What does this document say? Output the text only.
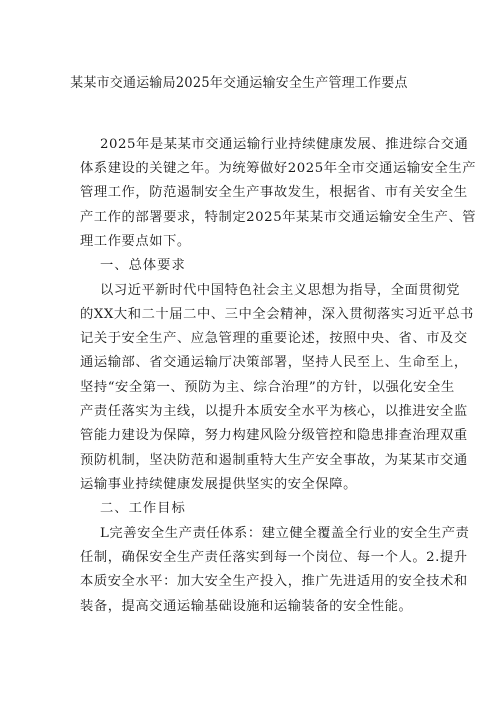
某某市交通运输局2025年交通运输安全生产管理工作要点
2025年是某某市交通运输行业持续健康发展、推进综合交通
体系建设的关键之年。为统筹做好2025年全市交通运输安全生产
管理工作，防范遏制安全生产事故发生，根据省、市有关安全生
产工作的部署要求，特制定2025年某某市交通运输安全生产、管
理工作要点如下。
一、总体要求
以习近平新时代中国特色社会主义思想为指导，全面贯彻党
的XX大和二十届二中、三中全会精神，深入贯彻落实习近平总书
记关于安全生产、应急管理的重要论述，按照中央、省、市及交
通运输部、省交通运输厅决策部署，坚持人民至上、生命至上，
坚持“安全第一、预防为主、综合治理”的方针，以强化安全生
产责任落实为主线，以提升本质安全水平为核心，以推进安全监
管能力建设为保障，努力构建风险分级管控和隐患排查治理双重
预防机制，坚决防范和遏制重特大生产安全事故，为某某市交通
运输事业持续健康发展提供坚实的安全保障。
二、工作目标
L完善安全生产责任体系：建立健全覆盖全行业的安全生产责
任制，确保安全生产责任落实到每一个岗位、每一个人。2.提升
本质安全水平：加大安全生产投入，推广先进适用的安全技术和
装备，提高交通运输基础设施和运输装备的安全性能。
